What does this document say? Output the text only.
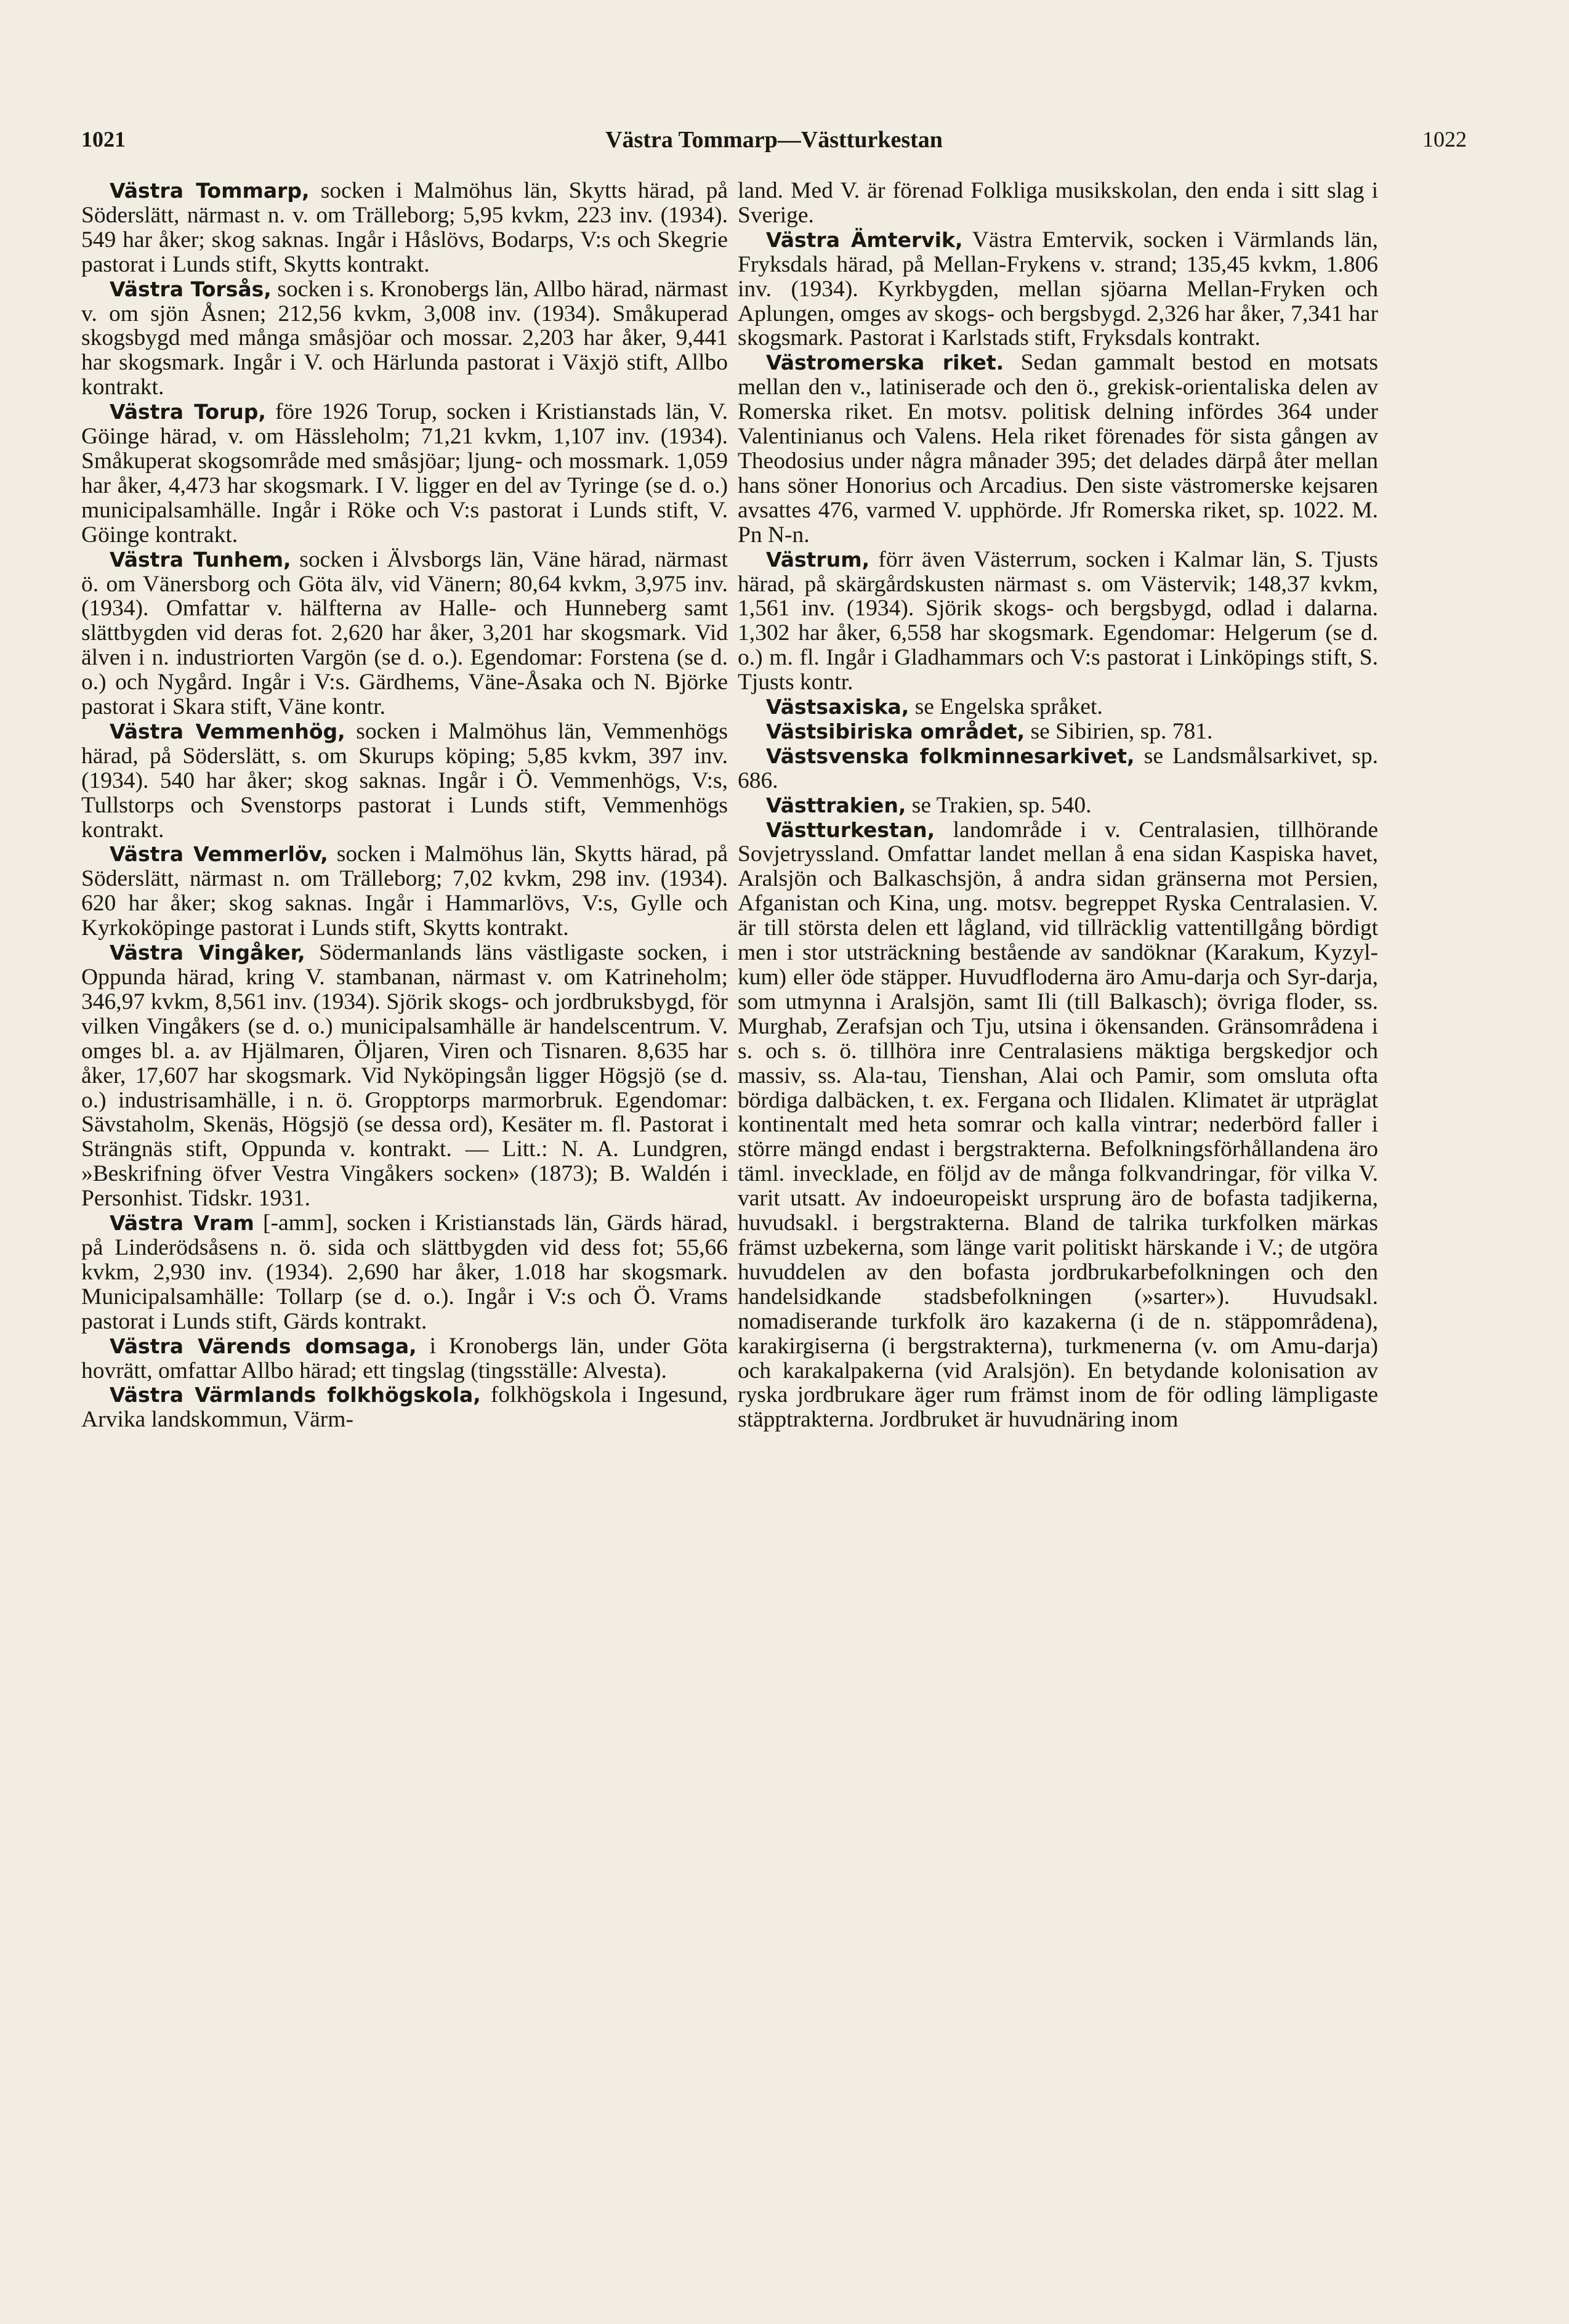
1021	Västra Tommarp—Västturkestan	1022

Västra Tommarp, socken i Malmöhus län, Skytts härad, på Söderslätt, närmast n. v. om Trälleborg; 5,95 kvkm, 223 inv. (1934). 549 har åker; skog saknas. Ingår i Håslövs, Bodarps, V:s och Skegrie pastorat i Lunds stift, Skytts kontrakt.

Västra Torsås, socken i s. Kronobergs län, Allbo härad, närmast v. om sjön Åsnen; 212,56 kvkm, 3,008 inv. (1934). Småkuperad skogsbygd med många småsjöar och mossar. 2,203 har åker, 9,441 har skogsmark. Ingår i V. och Härlunda pastorat i Växjö stift, Allbo kontrakt.

Västra Torup, före 1926 Torup, socken i Kristianstads län, V. Göinge härad, v. om Hässleholm; 71,21 kvkm, 1,107 inv. (1934). Småkuperat skogsområde med småsjöar; ljung- och mossmark. 1,059 har åker, 4,473 har skogsmark. I V. ligger en del av Tyringe (se d. o.) municipalsamhälle. Ingår i Röke och V:s pastorat i Lunds stift, V. Göinge kontrakt.

Västra Tunhem, socken i Älvsborgs län, Väne härad, närmast ö. om Vänersborg och Göta älv, vid Vänern; 80,64 kvkm, 3,975 inv. (1934). Omfattar v. hälfterna av Halle- och Hunneberg samt slättbygden vid deras fot. 2,620 har åker, 3,201 har skogsmark. Vid älven i n. industriorten Vargön (se d. o.). Egendomar: Forstena (se d. o.) och Nygård. Ingår i V:s. Gärdhems, Väne-Åsaka och N. Björke pastorat i Skara stift, Väne kontr.

Västra Vemmenhög, socken i Malmöhus län, Vemmenhögs härad, på Söderslätt, s. om Skurups köping; 5,85 kvkm, 397 inv. (1934). 540 har åker; skog saknas. Ingår i Ö. Vemmenhögs, V:s, Tullstorps och Svenstorps pastorat i Lunds stift, Vemmenhögs kontrakt.

Västra Vemmerlöv, socken i Malmöhus län, Skytts härad, på Söderslätt, närmast n. om Trälleborg; 7,02 kvkm, 298 inv. (1934). 620 har åker; skog saknas. Ingår i Hammarlövs, V:s, Gylle och Kyrkoköpinge pastorat i Lunds stift, Skytts kontrakt.

Västra Vingåker, Södermanlands läns västligaste socken, i Oppunda härad, kring V. stambanan, närmast v. om Katrineholm; 346,97 kvkm, 8,561 inv. (1934). Sjörik skogs- och jordbruksbygd, för vilken Vingåkers (se d. o.) municipalsamhälle är handelscentrum. V. omges bl. a. av Hjälmaren, Öljaren, Viren och Tisnaren. 8,635 har åker, 17,607 har skogsmark. Vid Nyköpingsån ligger Högsjö (se d. o.) industrisamhälle, i n. ö. Gropptorps marmorbruk. Egendomar: Sävstaholm, Skenäs, Högsjö (se dessa ord), Kesäter m. fl. Pastorat i Strängnäs stift, Oppunda v. kontrakt. — Litt.: N. A. Lundgren, »Beskrifning öfver Vestra Vingåkers socken» (1873); B. Waldén i Personhist. Tidskr. 1931.

Västra Vram [-amm], socken i Kristianstads län, Gärds härad, på Linderödsåsens n. ö. sida och slättbygden vid dess fot; 55,66 kvkm, 2,930 inv. (1934). 2,690 har åker, 1.018 har skogsmark. Municipalsamhälle: Tollarp (se d. o.). Ingår i V:s och Ö. Vrams pastorat i Lunds stift, Gärds kontrakt.

Västra Värends domsaga, i Kronobergs län, under Göta hovrätt, omfattar Allbo härad; ett tingslag (tingsställe: Alvesta).

Västra Värmlands folkhögskola, folkhögskola i Ingesund, Arvika landskommun, Värm-

land. Med V. är förenad Folkliga musikskolan, den enda i sitt slag i Sverige.

Västra Ämtervik, Västra Emtervik, socken i Värmlands län, Fryksdals härad, på Mellan-Frykens v. strand; 135,45 kvkm, 1.806 inv. (1934). Kyrkbygden, mellan sjöarna Mellan-Fryken och Aplungen, omges av skogs- och bergsbygd. 2,326 har åker, 7,341 har skogsmark. Pastorat i Karlstads stift, Fryksdals kontrakt.

Västromerska riket. Sedan gammalt bestod en motsats mellan den v., latiniserade och den ö., grekisk-orientaliska delen av Romerska riket. En motsv. politisk delning infördes 364 under Valentinianus och Valens. Hela riket förenades för sista gången av Theodosius under några månader 395; det delades därpå åter mellan hans söner Honorius och Arcadius. Den siste västromerske kejsaren avsattes 476, varmed V. upphörde. Jfr Romerska riket, sp. 1022. M. Pn N-n.

Västrum, förr även Västerrum, socken i Kalmar län, S. Tjusts härad, på skärgårdskusten närmast s. om Västervik; 148,37 kvkm, 1,561 inv. (1934). Sjörik skogs- och bergsbygd, odlad i dalarna. 1,302 har åker, 6,558 har skogsmark. Egendomar: Helgerum (se d. o.) m. fl. Ingår i Gladhammars och V:s pastorat i Linköpings stift, S. Tjusts kontr.

Västsaxiska, se Engelska språket.

Västsibiriska området, se Sibirien, sp. 781.

Västsvenska folkminnesarkivet, se Landsmålsarkivet, sp. 686.

Västtrakien, se Trakien, sp. 540.

Västturkestan, landområde i v. Centralasien, tillhörande Sovjetryssland. Omfattar landet mellan å ena sidan Kaspiska havet, Aralsjön och Balkaschsjön, å andra sidan gränserna mot Persien, Afganistan och Kina, ung. motsv. begreppet Ryska Centralasien. V. är till största delen ett lågland, vid tillräcklig vattentillgång bördigt men i stor utsträckning bestående av sandöknar (Karakum, Kyzyl-kum) eller öde stäpper. Huvudfloderna äro Amu-darja och Syr-darja, som utmynna i Aralsjön, samt Ili (till Balkasch); övriga floder, ss. Murghab, Zerafsjan och Tju, utsina i ökensanden. Gränsområdena i s. och s. ö. tillhöra inre Centralasiens mäktiga bergskedjor och massiv, ss. Ala-tau, Tienshan, Alai och Pamir, som omsluta ofta bördiga dalbäcken, t. ex. Fergana och Ilidalen. Klimatet är utpräglat kontinentalt med heta somrar och kalla vintrar; nederbörd faller i större mängd endast i bergstrakterna. Befolkningsförhållandena äro täml. invecklade, en följd av de många folkvandringar, för vilka V. varit utsatt. Av indoeuropeiskt ursprung äro de bofasta tadjikerna, huvudsakl. i bergstrakterna. Bland de talrika turkfolken märkas främst uzbekerna, som länge varit politiskt härskande i V.; de utgöra huvuddelen av den bofasta jordbrukarbefolkningen och den handelsidkande stadsbefolkningen (»sarter»). Huvudsakl. nomadiserande turkfolk äro kazakerna (i de n. stäppområdena), karakirgiserna (i bergstrakterna), turkmenerna (v. om Amu-darja) och karakalpakerna (vid Aralsjön). En betydande kolonisation av ryska jordbrukare äger rum främst inom de för odling lämpligaste stäpptrakterna. Jordbruket är huvudnäring inom
